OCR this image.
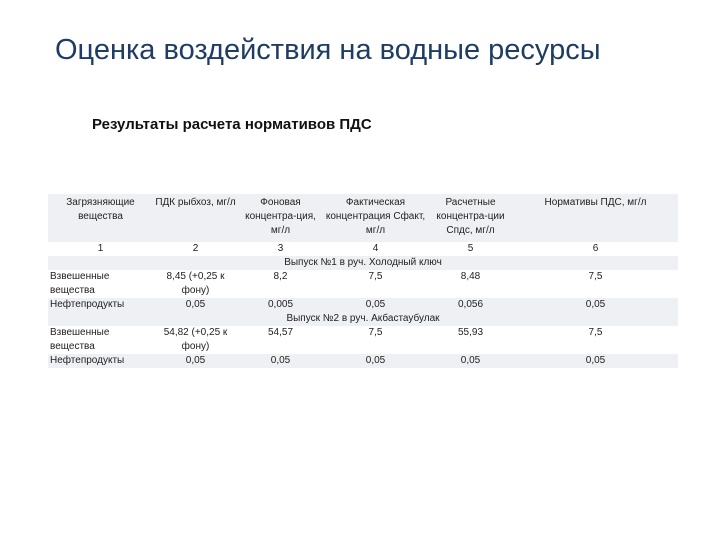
Оценка воздействия на водные ресурсы
Результаты расчета нормативов ПДС
Загрязняющие вещества	ПДК рыбхоз, мг/л	Фоновая концентра-ция, мг/л	Фактическая концентрация Сфакт, мг/л	Расчетные концентра-ции Спдс, мг/л	Нормативы ПДС, мг/л
1	2	3	4	5	6
Выпуск №1 в руч. Холодный ключ					
Взвешенные вещества	8,45 (+0,25 к фону)	8,2	7,5	8,48	7,5
Нефтепродукты	0,05	0,005	0,05	0,056	0,05
Выпуск №2 в руч. Акбастаубулак					
Взвешенные вещества	54,82 (+0,25 к фону)	54,57	7,5	55,93	7,5
Нефтепродукты	0,05	0,05	0,05	0,05	0,05
